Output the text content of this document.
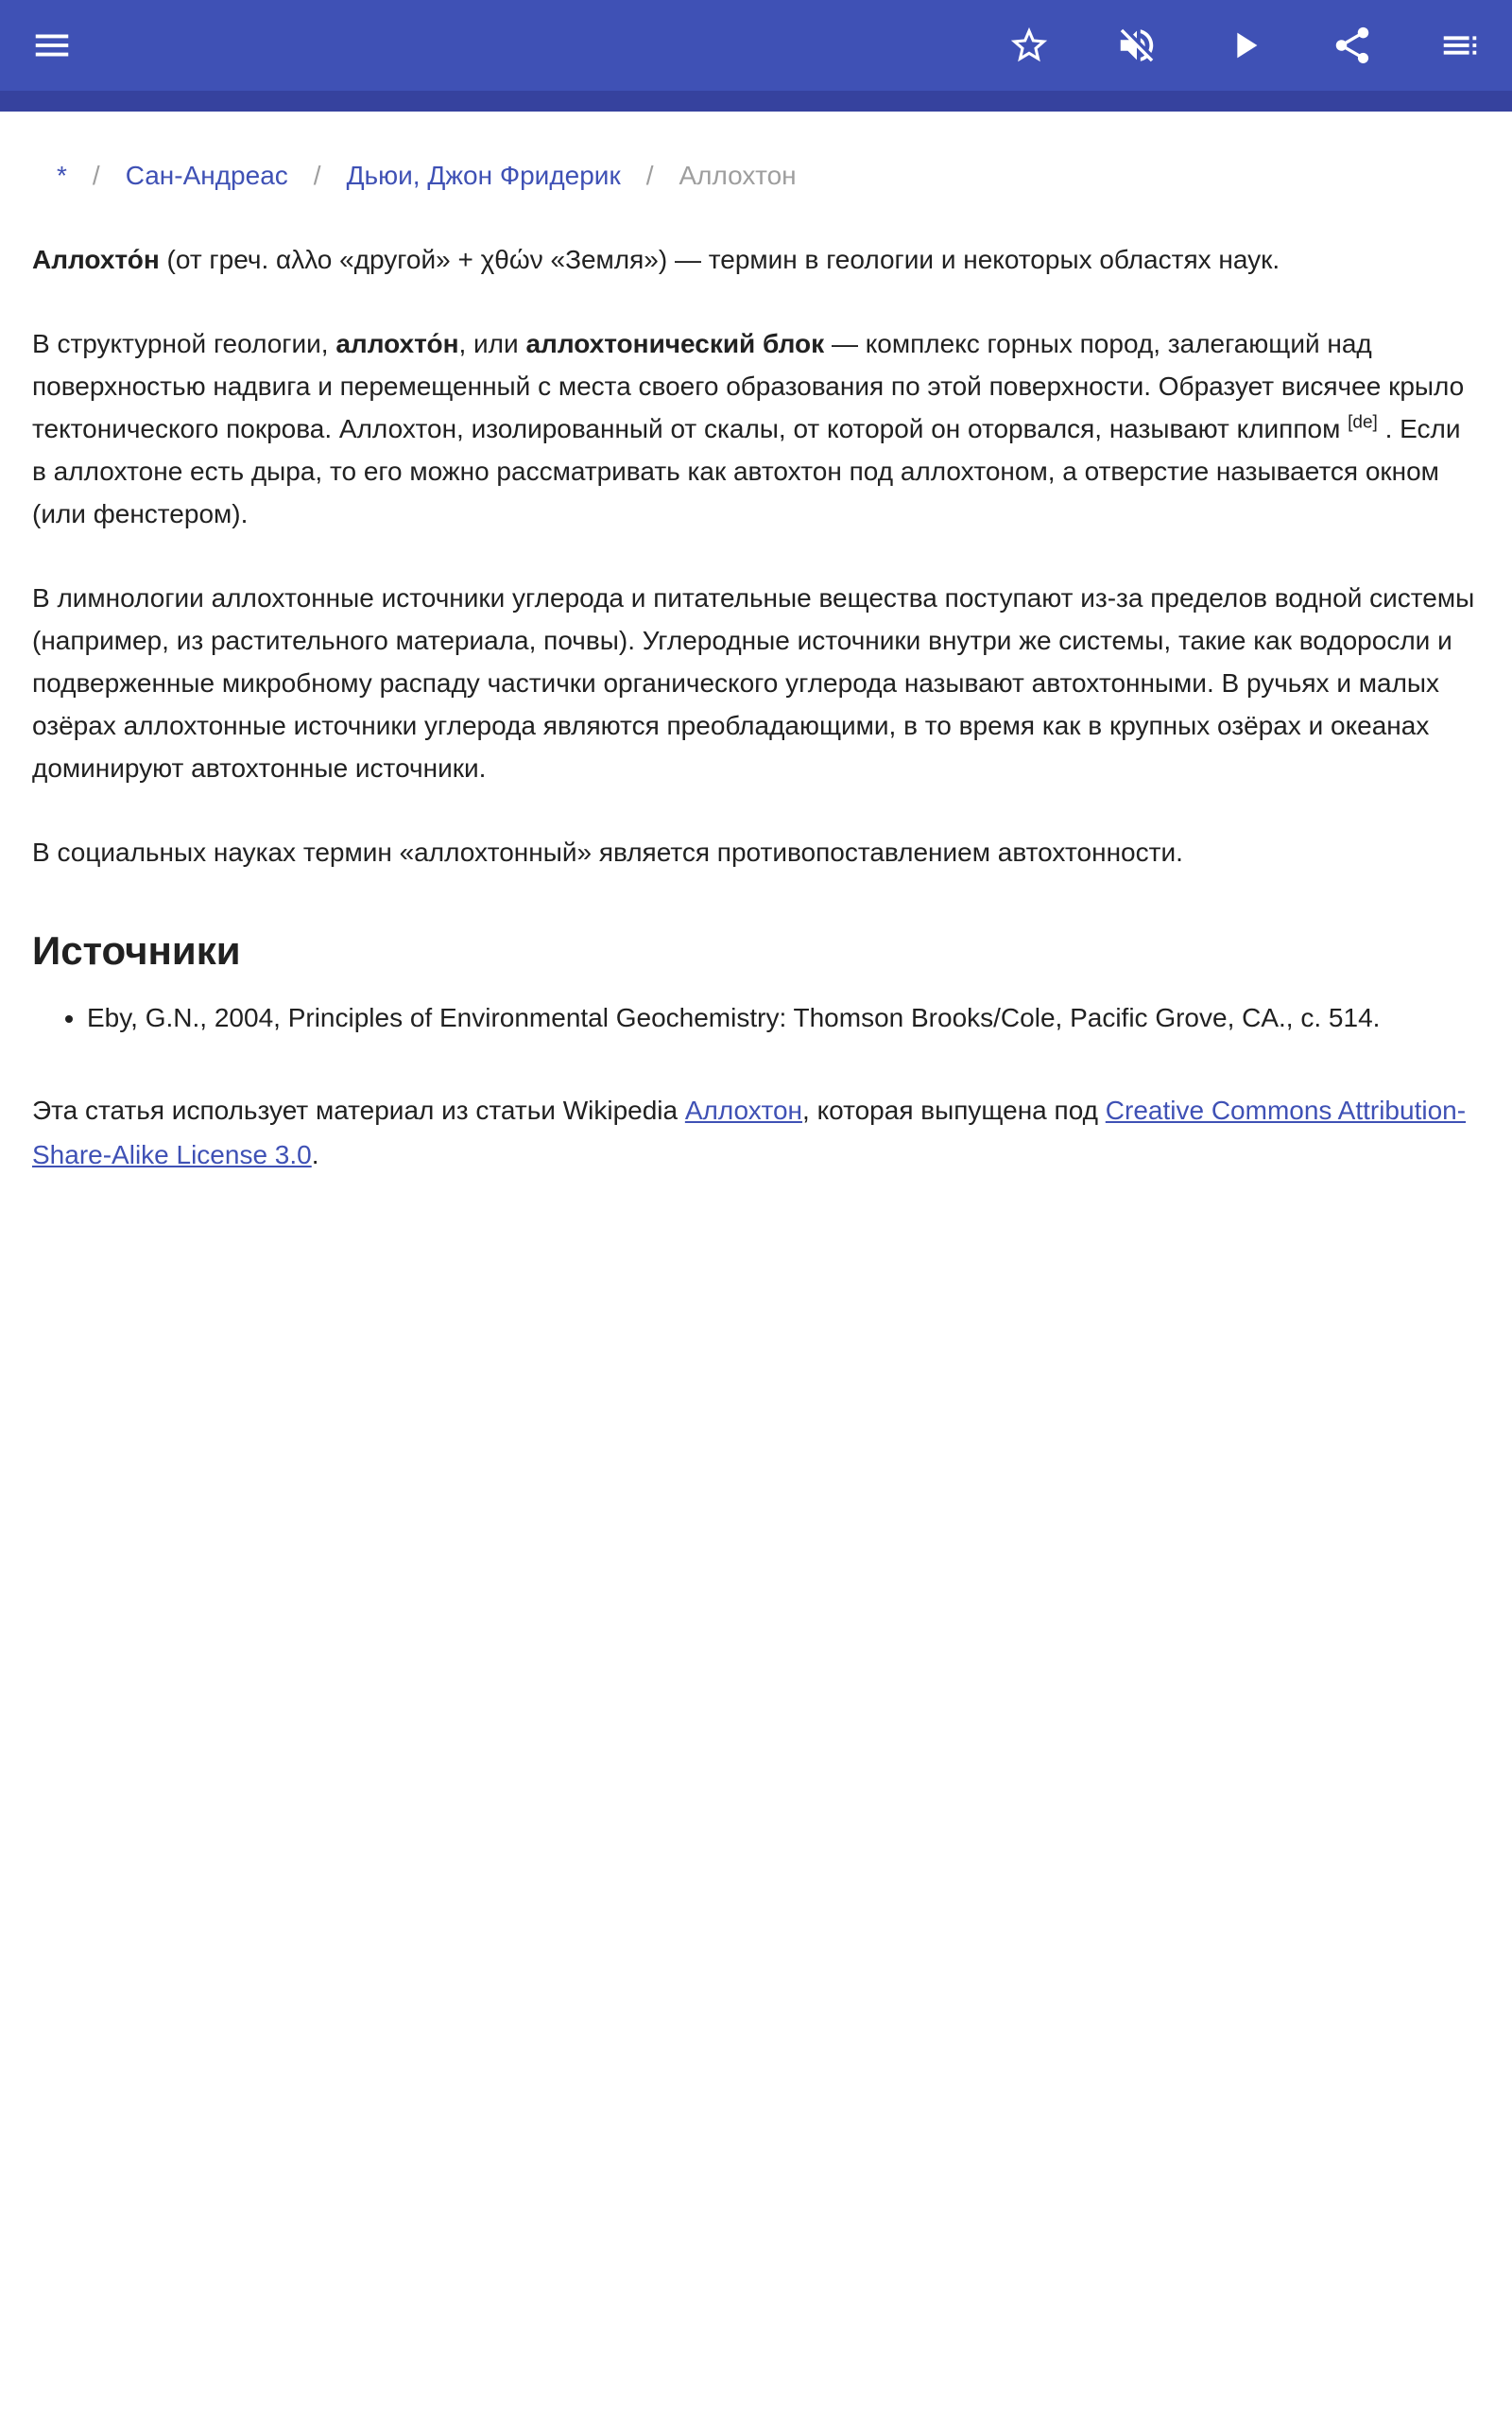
* / Сан-Андреас / Дьюи, Джон Фридерик / Аллохтон

Аллохто́н (от греч. αλλο «другой» + χθών «Земля») — термин в геологии и некоторых областях наук.

В структурной геологии, аллохто́н, или аллохтонический блок — комплекс горных пород, залегающий над поверхностью надвига и перемещенный с места своего образования по этой поверхности. Образует висячее крыло тектонического покрова. Аллохтон, изолированный от скалы, от которой он оторвался, называют клиппом [de] . Если в аллохтоне есть дыра, то его можно рассматривать как автохтон под аллохтоном, а отверстие называется окном (или фенстером).

В лимнологии аллохтонные источники углерода и питательные вещества поступают из-за пределов водной системы (например, из растительного материала, почвы). Углеродные источники внутри же системы, такие как водоросли и подверженные микробному распаду частички органического углерода называют автохтонными. В ручьях и малых озёрах аллохтонные источники углерода являются преобладающими, в то время как в крупных озёрах и океанах доминируют автохтонные источники.

В социальных науках термин «аллохтонный» является противопоставлением автохтонности.

Источники
• Eby, G.N., 2004, Principles of Environmental Geochemistry: Thomson Brooks/Cole, Pacific Grove, CA., с. 514.

Эта статья использует материал из статьи Wikipedia Аллохтон, которая выпущена под Creative Commons Attribution-Share-Alike License 3.0.
